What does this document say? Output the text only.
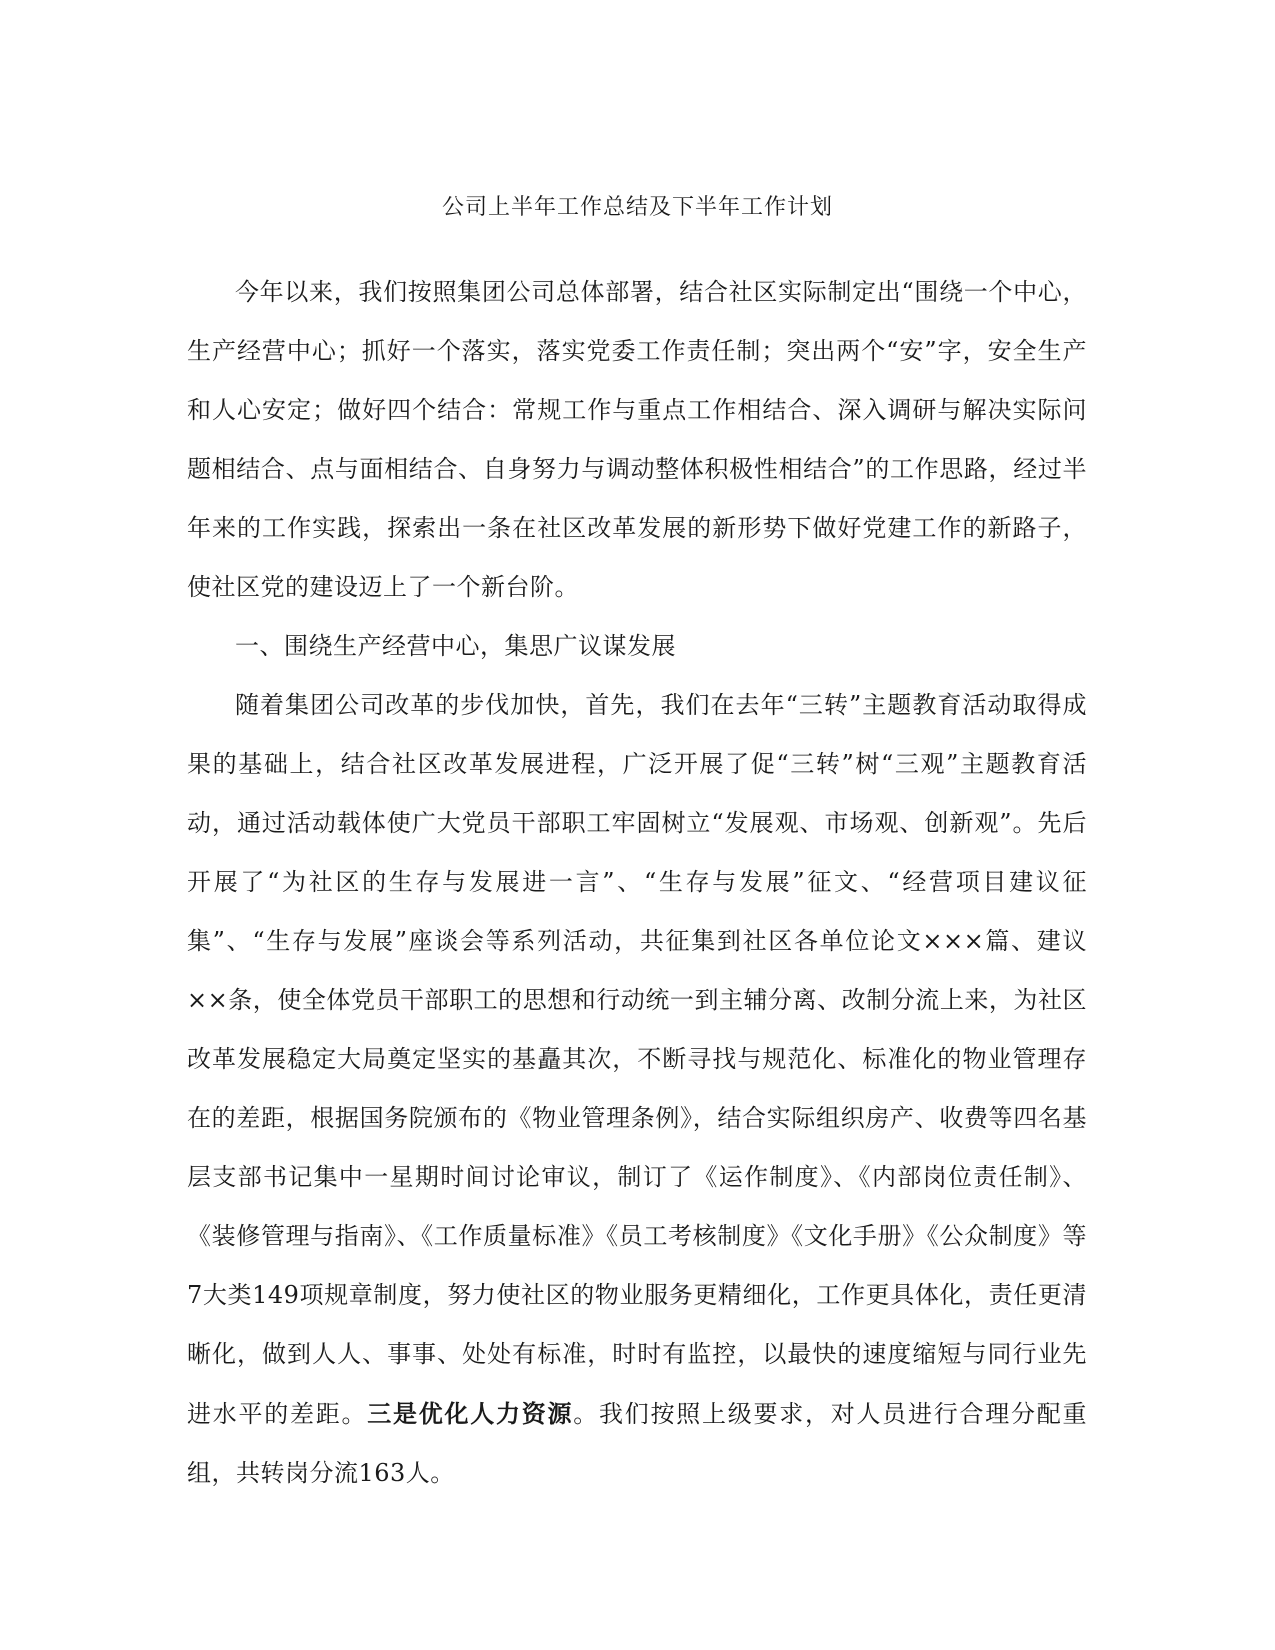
公司上半年工作总结及下半年工作计划

今年以来，我们按照集团公司总体部署，结合社区实际制定出“围绕一个中心，生产经营中心；抓好一个落实，落实党委工作责任制；突出两个“安”字，安全生产和人心安定；做好四个结合：常规工作与重点工作相结合、深入调研与解决实际问题相结合、点与面相结合、自身努力与调动整体积极性相结合”的工作思路，经过半年来的工作实践，探索出一条在社区改革发展的新形势下做好党建工作的新路子，使社区党的建设迈上了一个新台阶。

一、围绕生产经营中心，集思广议谋发展

随着集团公司改革的步伐加快，首先，我们在去年“三转”主题教育活动取得成果的基础上，结合社区改革发展进程，广泛开展了促“三转”树“三观”主题教育活动，通过活动载体使广大党员干部职工牢固树立“发展观、市场观、创新观”。先后开展了“为社区的生存与发展进一言”、“生存与发展”征文、“经营项目建议征集”、“生存与发展”座谈会等系列活动，共征集到社区各单位论文×××篇、建议××条，使全体党员干部职工的思想和行动统一到主辅分离、改制分流上来，为社区改革发展稳定大局奠定坚实的基矗其次，不断寻找与规范化、标准化的物业管理存在的差距，根据国务院颁布的《物业管理条例》，结合实际组织房产、收费等四名基层支部书记集中一星期时间讨论审议，制订了《运作制度》、《内部岗位责任制》、《装修管理与指南》、《工作质量标准》《员工考核制度》《文化手册》《公众制度》等7大类149项规章制度，努力使社区的物业服务更精细化，工作更具体化，责任更清晰化，做到人人、事事、处处有标准，时时有监控，以最快的速度缩短与同行业先进水平的差距。三是优化人力资源。我们按照上级要求，对人员进行合理分配重组，共转岗分流163人。
